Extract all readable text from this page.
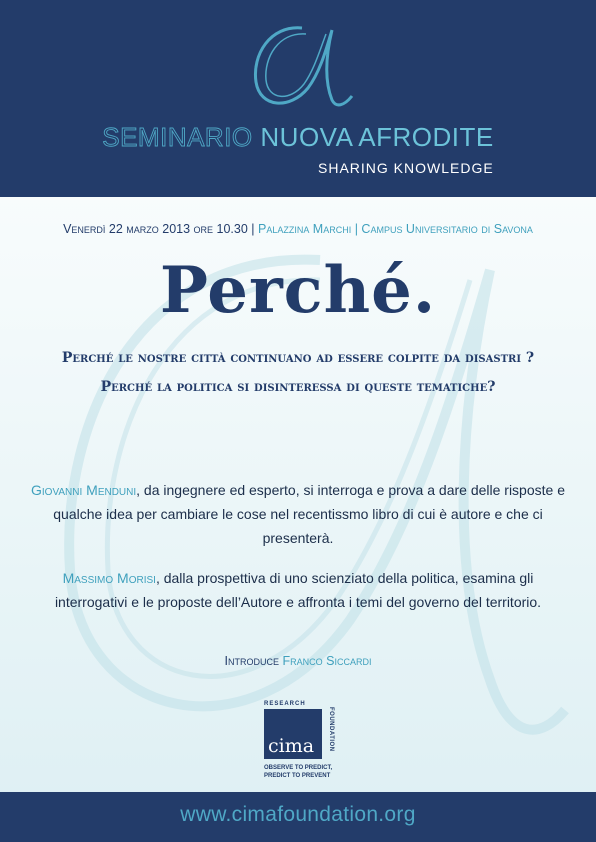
SEMINARIO NUOVA AFRODITE
SHARING KNOWLEDGE
Venerdì 22 marzo 2013 ore 10.30 | Palazzina Marchi | Campus Universitario di Savona
Perché.

Perché le nostre città continuano ad essere colpite da disastri ?

Perché la politica si disinteressa di queste tematiche?

Giovanni Menduni, da ingegnere ed esperto, si interroga e prova a dare delle risposte e qualche idea per cambiare le cose nel recentissmo libro di cui è autore e che ci presenterà.

Massimo Morisi, dalla prospettiva di uno scienziato della politica, esamina gli interrogativi e le proposte dell’Autore e affronta i temi del governo del territorio.

Introduce Franco Siccardi
RESEARCH
FOUNDATION
cima
OBSERVE TO PREDICT,
PREDICT TO PREVENT
www.cimafoundation.org
